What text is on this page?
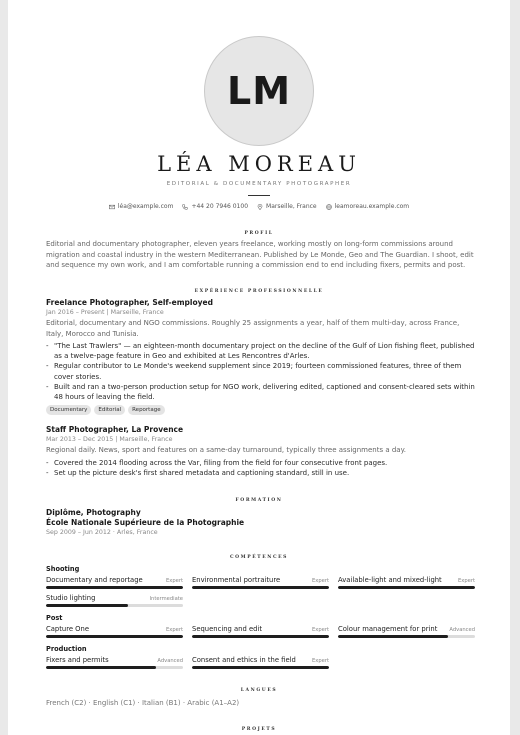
LM
LÉA MOREAU
EDITORIAL & DOCUMENTARY PHOTOGRAPHER
léa@example.com	+44 20 7946 0100	Marseille, France	leamoreau.example.com
PROFIL
Editorial and documentary photographer, eleven years freelance, working mostly on long-form commissions around migration and coastal industry in the western Mediterranean. Published by Le Monde, Geo and The Guardian. I shoot, edit and sequence my own work, and I am comfortable running a commission end to end including fixers, permits and post.
EXPÉRIENCE PROFESSIONNELLE
Freelance Photographer, Self-employed
Jan 2016 – Present | Marseille, France
Editorial, documentary and NGO commissions. Roughly 25 assignments a year, half of them multi-day, across France, Italy, Morocco and Tunisia.
- "The Last Trawlers" — an eighteen-month documentary project on the decline of the Gulf of Lion fishing fleet, published as a twelve-page feature in Geo and exhibited at Les Rencontres d'Arles.
- Regular contributor to Le Monde's weekend supplement since 2019; fourteen commissioned features, three of them cover stories.
- Built and ran a two-person production setup for NGO work, delivering edited, captioned and consent-cleared sets within 48 hours of leaving the field.
Documentary	Editorial	Reportage
Staff Photographer, La Provence
Mar 2013 – Dec 2015 | Marseille, France
Regional daily. News, sport and features on a same-day turnaround, typically three assignments a day.
- Covered the 2014 flooding across the Var, filing from the field for four consecutive front pages.
- Set up the picture desk's first shared metadata and captioning standard, still in use.
FORMATION
Diplôme, Photography
École Nationale Supérieure de la Photographie
Sep 2009 – Jun 2012 · Arles, France
COMPÉTENCES
Shooting
Documentary and reportage	Expert Environmental portraiture	Expert Available-light and mixed-light	Expert
Studio lighting	Intermediate
Post
Capture One	Expert Sequencing and edit	Expert Colour management for print Advanced
Production
Fixers and permits	Advanced Consent and ethics in the field	Expert
LANGUES
French (C2) · English (C1) · Italian (B1) · Arabic (A1–A2)
PROJETS
